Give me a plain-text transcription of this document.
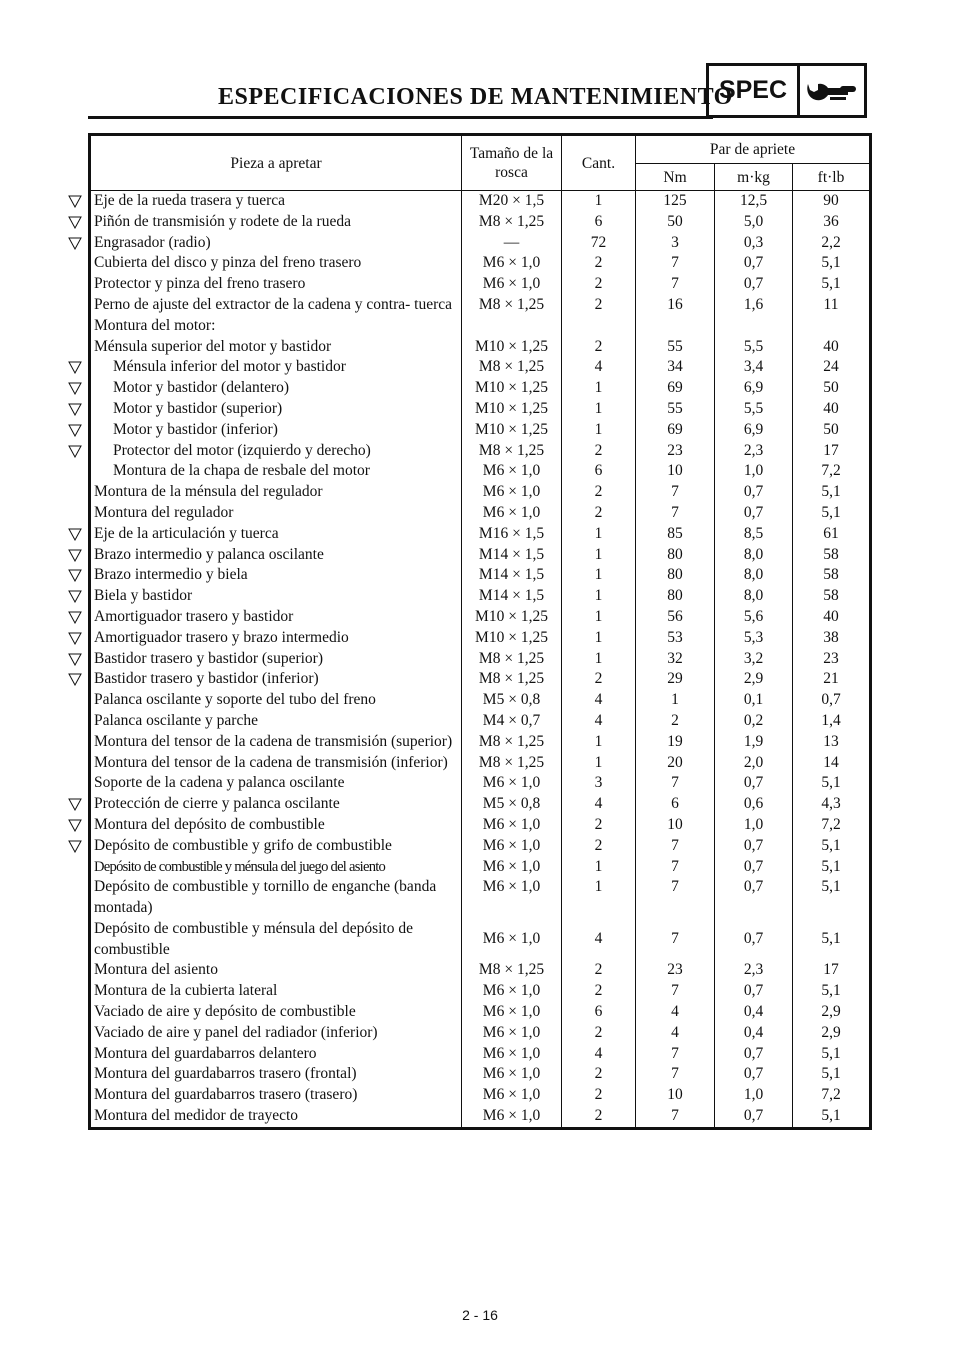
ESPECIFICACIONES DE MANTENIMIENTO
SPEC
Pieza a apretar	Tamaño de la rosca	Cant.	Par de apriete		
			Nm	m·kg	ft·lb
Eje de la rueda trasera y tuerca	M20 × 1,5	1	125	12,5	90
Piñón de transmisión y rodete de la rueda	M8 × 1,25	6	50	5,0	36
Engrasador (radio)	—	72	3	0,3	2,2
Cubierta del disco y pinza del freno trasero	M6 × 1,0	2	7	0,7	5,1
Protector y pinza del freno trasero	M6 × 1,0	2	7	0,7	5,1
Perno de ajuste del extractor de la cadena y contra- tuerca	M8 × 1,25	2	16	1,6	11
Montura del motor:					
Ménsula superior del motor y bastidor	M10 × 1,25	2	55	5,5	40
Ménsula inferior del motor y bastidor	M8 × 1,25	4	34	3,4	24
Motor y bastidor (delantero)	M10 × 1,25	1	69	6,9	50
Motor y bastidor (superior)	M10 × 1,25	1	55	5,5	40
Motor y bastidor (inferior)	M10 × 1,25	1	69	6,9	50
Protector del motor (izquierdo y derecho)	M8 × 1,25	2	23	2,3	17
Montura de la chapa de resbale del motor	M6 × 1,0	6	10	1,0	7,2
Montura de la ménsula del regulador	M6 × 1,0	2	7	0,7	5,1
Montura del regulador	M6 × 1,0	2	7	0,7	5,1
Eje de la articulación y tuerca	M16 × 1,5	1	85	8,5	61
Brazo intermedio y palanca oscilante	M14 × 1,5	1	80	8,0	58
Brazo intermedio y biela	M14 × 1,5	1	80	8,0	58
Biela y bastidor	M14 × 1,5	1	80	8,0	58
Amortiguador trasero y bastidor	M10 × 1,25	1	56	5,6	40
Amortiguador trasero y brazo intermedio	M10 × 1,25	1	53	5,3	38
Bastidor trasero y bastidor (superior)	M8 × 1,25	1	32	3,2	23
Bastidor trasero y bastidor (inferior)	M8 × 1,25	2	29	2,9	21
Palanca oscilante y soporte del tubo del freno	M5 × 0,8	4	1	0,1	0,7
Palanca oscilante y parche	M4 × 0,7	4	2	0,2	1,4
Montura del tensor de la cadena de transmisión (superior)	M8 × 1,25	1	19	1,9	13
Montura del tensor de la cadena de transmisión (inferior)	M8 × 1,25	1	20	2,0	14
Soporte de la cadena y palanca oscilante	M6 × 1,0	3	7	0,7	5,1
Protección de cierre y palanca oscilante	M5 × 0,8	4	6	0,6	4,3
Montura del depósito de combustible	M6 × 1,0	2	10	1,0	7,2
Depósito de combustible y grifo de combustible	M6 × 1,0	2	7	0,7	5,1
Depósito de combustible y ménsula del juego del asiento	M6 × 1,0	1	7	0,7	5,1
Depósito de combustible y tornillo de enganche (banda montada)	M6 × 1,0	1	7	0,7	5,1
Depósito de combustible y ménsula del depósito de combustible	M6 × 1,0	4	7	0,7	5,1
Montura del asiento	M8 × 1,25	2	23	2,3	17
Montura de la cubierta lateral	M6 × 1,0	2	7	0,7	5,1
Vaciado de aire y depósito de combustible	M6 × 1,0	6	4	0,4	2,9
Vaciado de aire y panel del radiador (inferior)	M6 × 1,0	2	4	0,4	2,9
Montura del guardabarros delantero	M6 × 1,0	4	7	0,7	5,1
Montura del guardabarros trasero (frontal)	M6 × 1,0	2	7	0,7	5,1
Montura del guardabarros trasero (trasero)	M6 × 1,0	2	10	1,0	7,2
Montura del medidor de trayecto	M6 × 1,0	2	7	0,7	5,1
2 - 16
